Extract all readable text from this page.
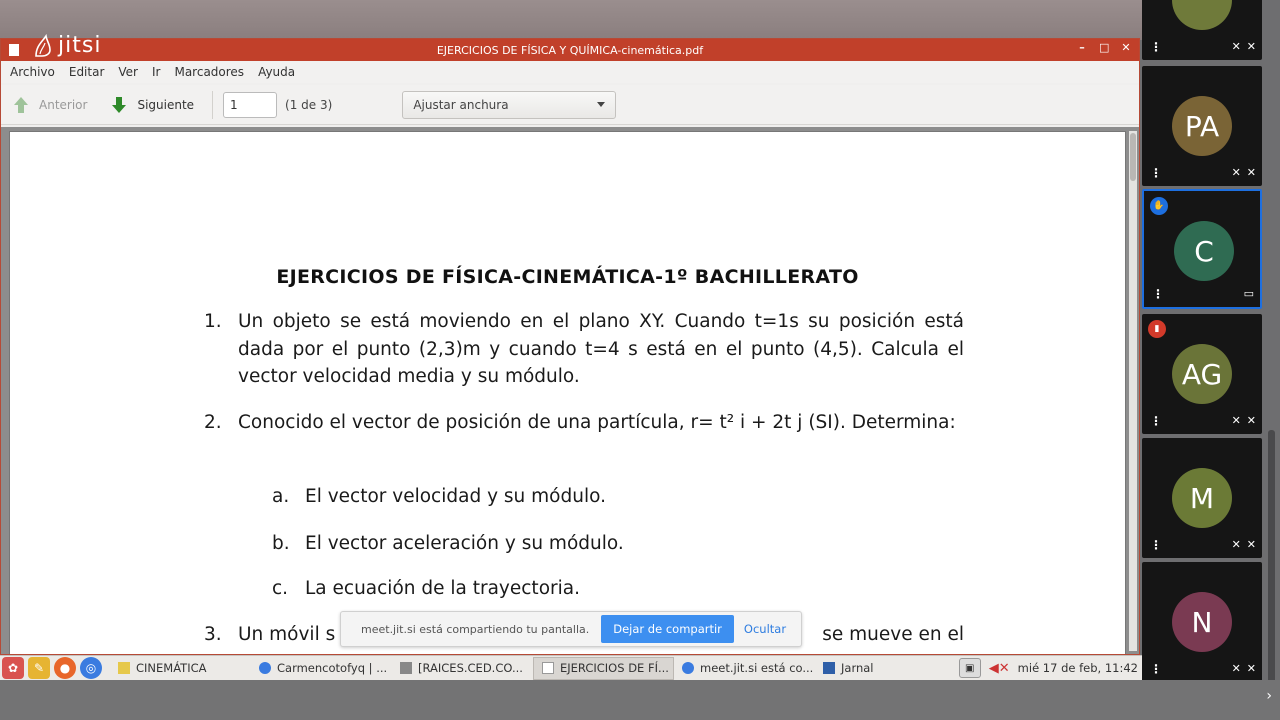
jitsi	EJERCICIOS DE FÍSICA Y QUÍMICA-cinemática.pdf	– □ ✕
Archivo Editar Ver Ir Marcadores Ayuda
Anterior	Siguiente	1	(1 de 3)	Ajustar anchura
EJERCICIOS DE FÍSICA-CINEMÁTICA-1º BACHILLERATO
1. Un objeto se está moviendo en el plano XY. Cuando t=1s su posición está dada por el punto (2,3)m y cuando t=4 s está en el punto (4,5). Calcula el vector velocidad media y su módulo.
2. Conocido el vector de posición de una partícula, r= t² i + 2t j (SI). Determina:
a. El vector velocidad y su módulo.
b. El vector aceleración y su módulo.
c. La ecuación de la trayectoria.
3. Un móvil s	se mueve en el
meet.jit.si está compartiendo tu pantalla.	Dejar de compartir	Ocultar
✿	✎	●	◎	CINEMÁTICA	Carmencotofyq | ...	[RAICES.CED.CO...	EJERCICIOS DE FÍ...	meet.jit.si está co... Jarnal	▣	◀✕ mié 17 de feb, 11:42
⋮	✕ ✕
PA
⋮	✕ ✕
✋
C
⋮	▭
▮
AG
⋮	✕ ✕
M
⋮	✕ ✕
N
⋮	✕ ✕
›
